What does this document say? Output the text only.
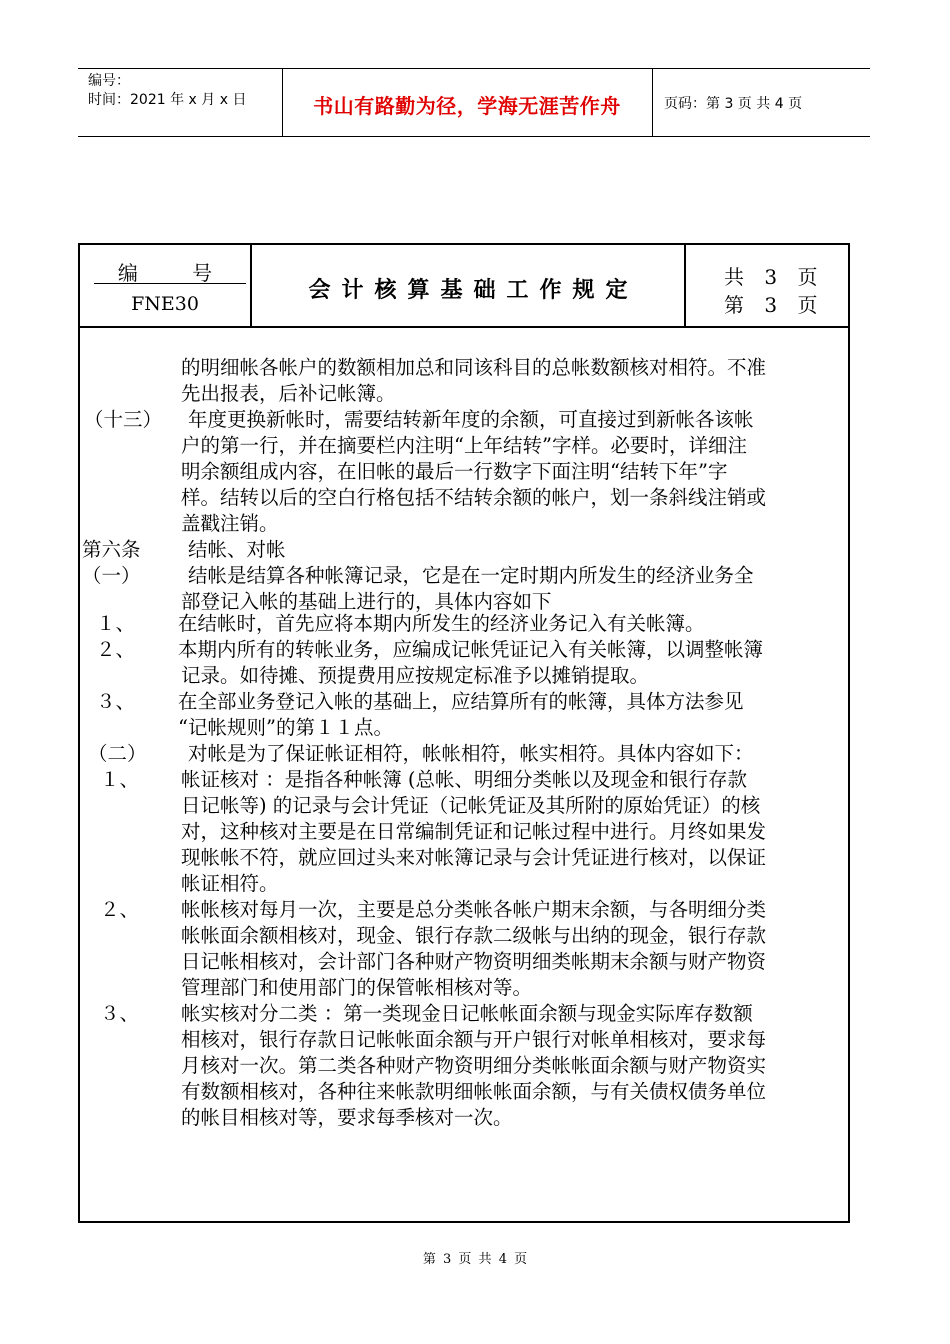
编号：
时间：2021 年 x 月 x 日	书山有路勤为径，学海无涯苦作舟	页码：第 3 页 共 4 页
编 号
FNE30
会计核算基础工作规定
共 3 页
第 3 页
的明细帐各帐户的数额相加总和同该科目的总帐数额核对相符。不准
先出报表，后补记帐簿。
（十三） 年度更换新帐时，需要结转新年度的余额，可直接过到新帐各该帐
户的第一行，并在摘要栏内注明“上年结转”字样。必要时，详细注
明余额组成内容，在旧帐的最后一行数字下面注明“结转下年”字
样。结转以后的空白行格包括不结转余额的帐户，划一条斜线注销或
盖戳注销。
第六条 结帐、对帐
（一） 结帐是结算各种帐簿记录，它是在一定时期内所发生的经济业务全
部登记入帐的基础上进行的，具体内容如下
１、 在结帐时，首先应将本期内所发生的经济业务记入有关帐簿。
２、 本期内所有的转帐业务，应编成记帐凭证记入有关帐簿，以调整帐簿
记录。如待摊、预提费用应按规定标准予以摊销提取。
３、 在全部业务登记入帐的基础上，应结算所有的帐簿，具体方法参见
“记帐规则”的第１１点。
（二） 对帐是为了保证帐证相符，帐帐相符，帐实相符。具体内容如下：
１、 帐证核对 ：是指各种帐簿 (总帐、明细分类帐以及现金和银行存款
日记帐等) 的记录与会计凭证（记帐凭证及其所附的原始凭证）的核
对，这种核对主要是在日常编制凭证和记帐过程中进行。月终如果发
现帐帐不符，就应回过头来对帐簿记录与会计凭证进行核对，以保证
帐证相符。
２、 帐帐核对每月一次，主要是总分类帐各帐户期末余额，与各明细分类
帐帐面余额相核对，现金、银行存款二级帐与出纳的现金，银行存款
日记帐相核对，会计部门各种财产物资明细类帐期末余额与财产物资
管理部门和使用部门的保管帐相核对等。
３、 帐实核对分二类 ：第一类现金日记帐帐面余额与现金实际库存数额
相核对，银行存款日记帐帐面余额与开户银行对帐单相核对，要求每
月核对一次。第二类各种财产物资明细分类帐帐面余额与财产物资实
有数额相核对，各种往来帐款明细帐帐面余额，与有关债权债务单位
的帐目相核对等，要求每季核对一次。
第 3 页 共 4 页
